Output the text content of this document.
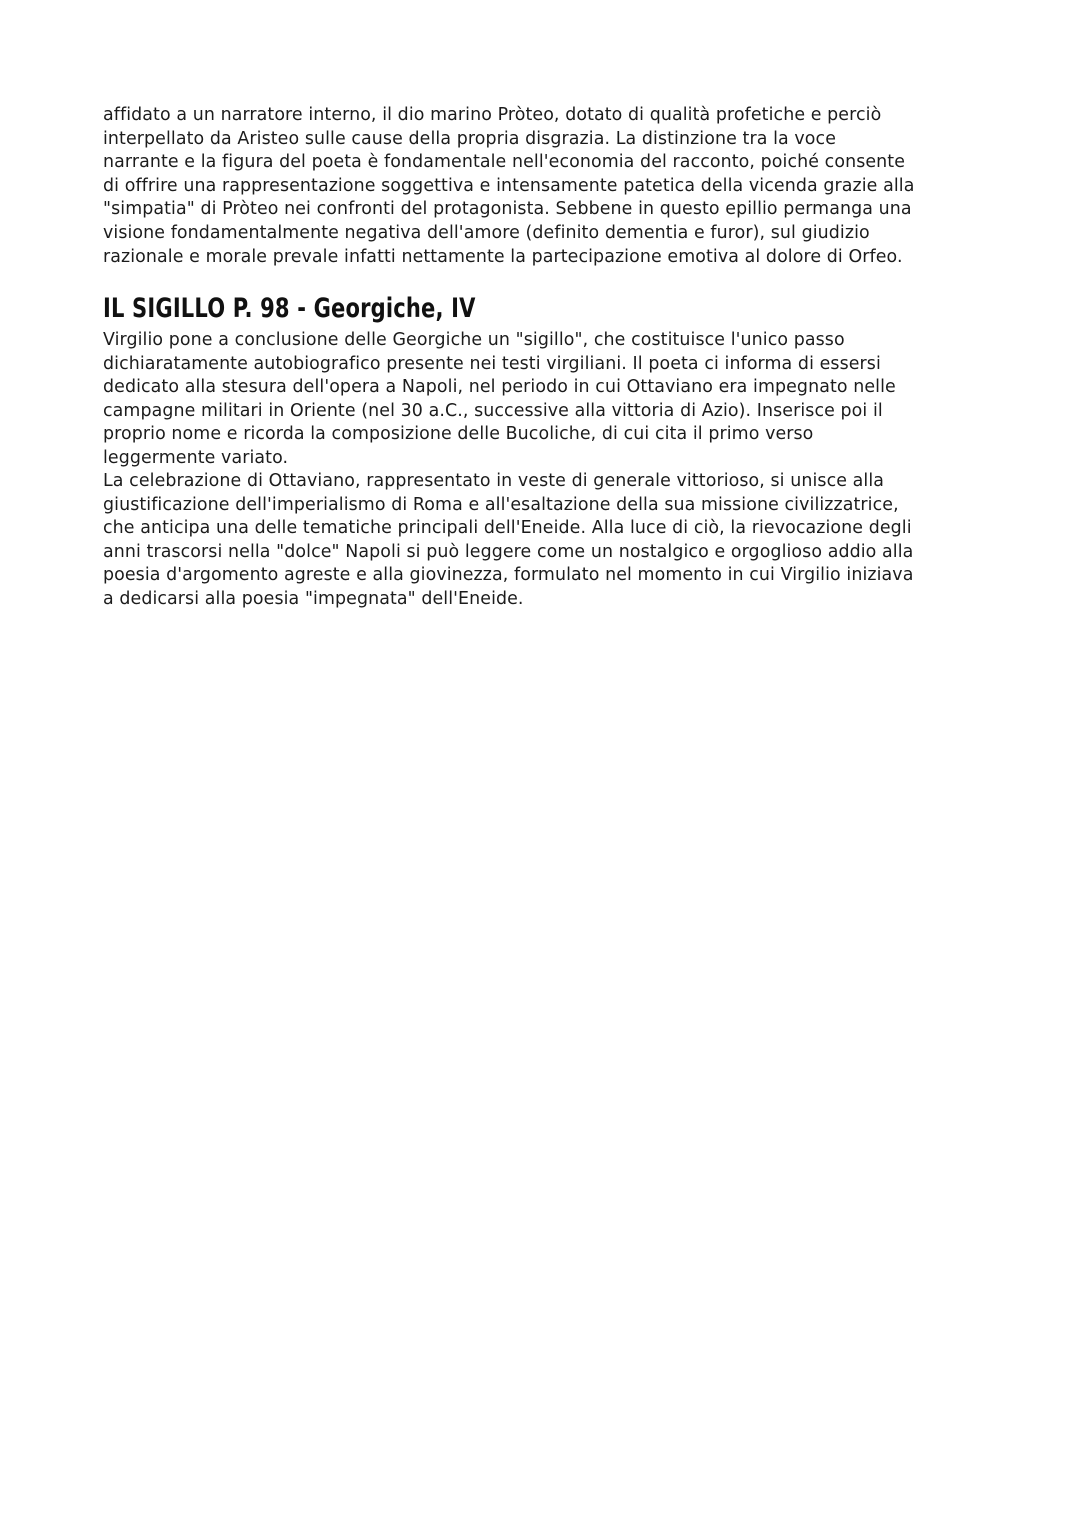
affidato a un narratore interno, il dio marino Pròteo, dotato di qualità profetiche e perciò
interpellato da Aristeo sulle cause della propria disgrazia. La distinzione tra la voce
narrante e la figura del poeta è fondamentale nell'economia del racconto, poiché consente
di offrire una rappresentazione soggettiva e intensamente patetica della vicenda grazie alla
"simpatia" di Pròteo nei confronti del protagonista. Sebbene in questo epillio permanga una
visione fondamentalmente negativa dell'amore (definito dementia e furor), sul giudizio
razionale e morale prevale infatti nettamente la partecipazione emotiva al dolore di Orfeo.
IL SIGILLO P. 98 - Georgiche, IV
Virgilio pone a conclusione delle Georgiche un "sigillo", che costituisce l'unico passo
dichiaratamente autobiografico presente nei testi virgiliani. Il poeta ci informa di essersi
dedicato alla stesura dell'opera a Napoli, nel periodo in cui Ottaviano era impegnato nelle
campagne militari in Oriente (nel 30 a.C., successive alla vittoria di Azio). Inserisce poi il
proprio nome e ricorda la composizione delle Bucoliche, di cui cita il primo verso
leggermente variato.
La celebrazione di Ottaviano, rappresentato in veste di generale vittorioso, si unisce alla
giustificazione dell'imperialismo di Roma e all'esaltazione della sua missione civilizzatrice,
che anticipa una delle tematiche principali dell'Eneide. Alla luce di ciò, la rievocazione degli
anni trascorsi nella "dolce" Napoli si può leggere come un nostalgico e orgoglioso addio alla
poesia d'argomento agreste e alla giovinezza, formulato nel momento in cui Virgilio iniziava
a dedicarsi alla poesia "impegnata" dell'Eneide.
